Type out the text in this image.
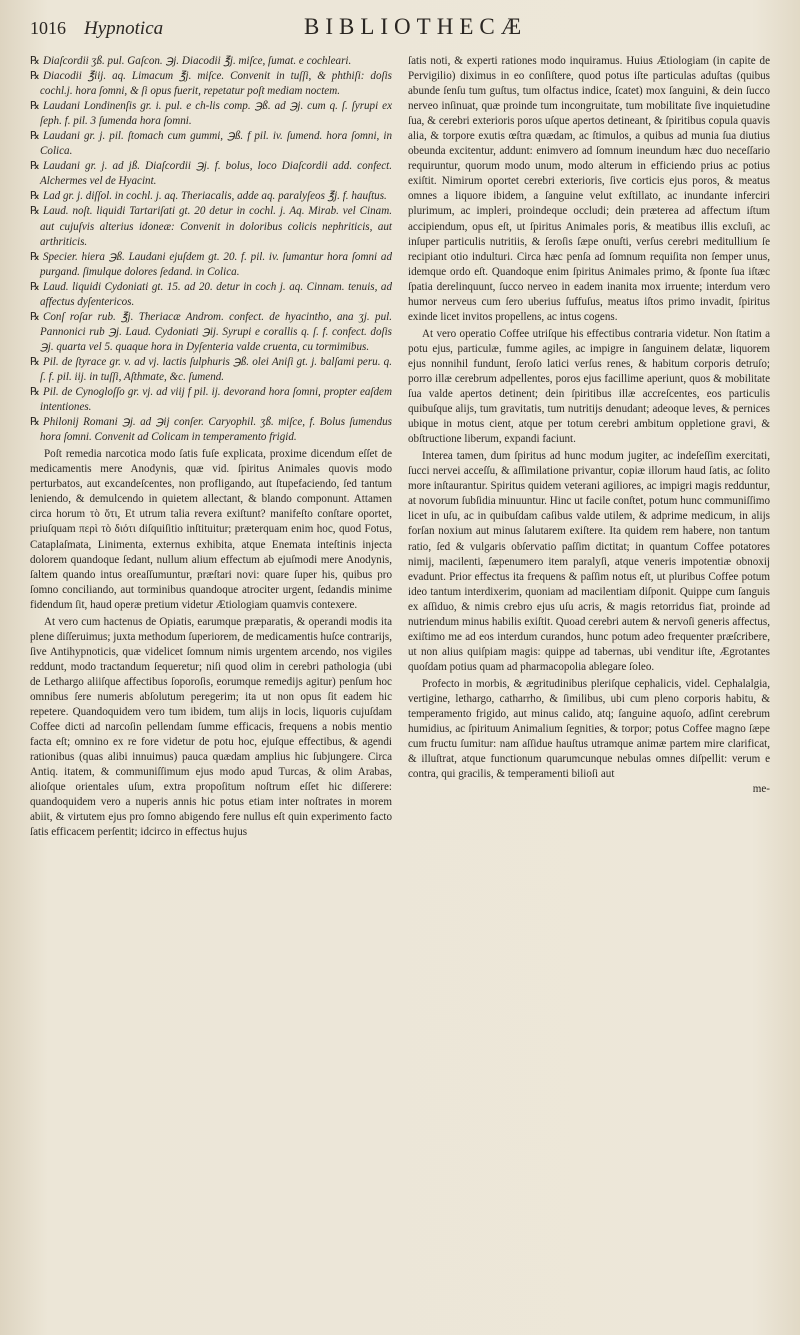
1016 Hypnotica	BIBLIOTHECÆ

℞ Diaſcordii ʒß. pul. Gaſcon. ℈j. Diacodii ℥j. miſce, ſumat. e cochleari.

℞ Diacodii ℥iij. aq. Limacum ℥j. miſce. Convenit in tuſſi, & phthiſi: doſis cochl.j. hora ſomni, & ſi opus fuerit, repetatur poſt mediam noctem.

℞ Laudani Londinenſis gr. i. pul. e ch-lis comp. ℈ß. ad ℈j. cum q. ſ. ſyrupi ex ſeph. f. pil. 3 ſumenda hora ſomni.

℞ Laudani gr. j. pil. ſtomach cum gummi, ℈ß. f pil. iv. ſumend. hora ſomni, in Colica.

℞ Laudani gr. j. ad jß. Diaſcordii ℈j. f. bolus, loco Diaſcordii add. confect. Alchermes vel de Hyacint.

℞ Lad gr. j. diſſol. in cochl. j. aq. Theriacalis, adde aq. paralyſeos ℥j. f. hauſtus.

℞ Laud. noſt. liquidi Tartariſati gt. 20 detur in cochl. j. Aq. Mirab. vel Cinam. aut cujuſvis alterius idoneæ: Convenit in doloribus colicis nephriticis, aut arthriticis.

℞ Specier. hiera ℈ß. Laudani ejuſdem gt. 20. f. pil. iv. ſumantur hora ſomni ad purgand. ſimulque dolores ſedand. in Colica.

℞ Laud. liquidi Cydoniati gt. 15. ad 20. detur in coch j. aq. Cinnam. tenuis, ad affectus dyſentericos.

℞ Conſ roſar rub. ℥j. Theriacæ Androm. confect. de hyacintho, ana ʒj. pul. Pannonici rub ℈j. Laud. Cydoniati ℈ij. Syrupi e corallis q. ſ. f. confect. doſis ℈j. quarta vel 5. quaque hora in Dyſenteria valde cruenta, cu tormimibus.

℞ Pil. de ſtyrace gr. v. ad vj. lactis ſulphuris ℈ß. olei Aniſi gt. j. balſami peru. q. ſ. f. pil. iij. in tuſſi, Aſthmate, &c. ſumend.

℞ Pil. de Cynogloſſo gr. vj. ad viij f pil. ij. devorand hora ſomni, propter eaſdem intentiones.

℞ Philonij Romani ℈j. ad ℈ij conſer. Caryophil. ʒß. miſce, f. Bolus ſumendus hora ſomni. Convenit ad Colicam in temperamento frigid.

Poſt remedia narcotica modo ſatis fuſe explicata, proxime dicendum eſſet de medicamentis mere Anodynis, quæ vid. ſpiritus Animales quovis modo perturbatos, aut excandeſcentes, non profligando, aut ſtupefaciendo, ſed tantum leniendo, & demulcendo in quietem allectant, & blando componunt. Attamen circa horum τὸ ὅτι, Et utrum talia revera exiſtunt? manifeſto conſtare oportet, priuſquam περὶ τὸ διότι diſquiſitio inſtituitur; præterquam enim hoc, quod Fotus, Cataplaſmata, Linimenta, externus exhibita, atque Enemata inteſtinis injecta dolorem quandoque ſedant, nullum alium effectum ab ejuſmodi mere Anodynis, ſaltem quando intus oreaſſumuntur, præſtari novi: quare ſuper his, quibus pro ſomno conciliando, aut torminibus quandoque atrociter urgent, ſedandis minime fidendum ſit, haud operæ pretium videtur Ætiologiam quamvis contexere.

At vero cum hactenus de Opiatis, earumque præparatis, & operandi modis ita plene diſſeruimus; juxta methodum ſuperiorem, de medicamentis huſce contrarijs, ſive Antihypnoticis, quæ videlicet ſomnum nimis urgentem arcendo, nos vigiles reddunt, modo tractandum ſequeretur; niſi quod olim in cerebri pathologia (ubi de Lethargo aliiſque affectibus ſoporoſis, eorumque remedijs agitur) penſum hoc omnibus ſere numeris abſolutum peregerim; ita ut non opus ſit eadem hic repetere. Quandoquidem vero tum ibidem, tum alijs in locis, liquoris cujuſdam Coffee dicti ad narcoſin pellendam ſumme efficacis, frequens a nobis mentio facta eſt; omnino ex re fore videtur de potu hoc, ejuſque effectibus, & agendi rationibus (quas alibi innuimus) pauca quædam amplius hic ſubjungere. Circa Antiq. itatem, & communiſſimum ejus modo apud Turcas, & olim Arabas, alioſque orientales uſum, extra propoſitum noſtrum eſſet hic diſſerere: quandoquidem vero a nuperis annis hic potus etiam inter noſtrates in morem abiit, & virtutem ejus pro ſomno abigendo fere nullus eſt quin experimento facto ſatis efficacem perſentit; idcirco in effectus hujus

ſatis noti, & experti rationes modo inquiramus. Huius Ætiologiam (in capite de Pervigilio) diximus in eo conſiſtere, quod potus iſte particulas aduſtas (quibus abunde ſenſu tum guſtus, tum olfactus indice, ſcatet) mox ſanguini, & dein ſucco nerveo inſinuat, quæ proinde tum incongruitate, tum mobilitate ſive inquietudine ſua, & cerebri exterioris poros uſque apertos detineant, & ſpiritibus copula quavis alia, & torpore exutis œſtra quædam, ac ſtimulos, a quibus ad munia ſua diutius obeunda excitentur, addunt: enimvero ad ſomnum ineundum hæc duo neceſſario requiruntur, quorum modo unum, modo alterum in efficiendo prius ac potius exiſtit. Nimirum oportet cerebri exterioris, ſive corticis ejus poros, & meatus omnes a liquore ibidem, a ſanguine velut exſtillato, ac inundante inferciri plurimum, ac impleri, proindeque occludi; dein præterea ad affectum iſtum accipiendum, opus eſt, ut ſpiritus Animales poris, & meatibus illis excluſi, ac inſuper particulis nutritiis, & ſeroſis ſæpe onuſti, verſus cerebri meditullium ſe recipiant otio indulturi. Circa hæc penſa ad ſomnum requiſita non ſemper unus, idemque ordo eſt. Quandoque enim ſpiritus Animales primo, & ſponte ſua iſtæc ſpatia derelinquunt, ſucco nerveo in eadem inanita mox irruente; interdum vero humor nerveus cum ſero uberius ſuffuſus, meatus iſtos primo invadit, ſpiritus exinde licet invitos propellens, ac intus cogens.

At vero operatio Coffee utriſque his effectibus contraria videtur. Non ſtatim a potu ejus, particulæ, fumme agiles, ac impigre in ſanguinem delatæ, liquorem ejus nonnihil fundunt, ſeroſo latici verſus renes, & habitum corporis detruſo; porro illæ cerebrum adpellentes, poros ejus facillime aperiunt, quos & mobilitate ſua valde apertos detinent; dein ſpiritibus illæ accreſcentes, eos particulis quibuſque alijs, tum gravitatis, tum nutritijs denudant; adeoque leves, & pernices ubique in motus cient, atque per totum cerebri ambitum oppletione gravi, & obſtructione liberum, expandi faciunt.

Interea tamen, dum ſpiritus ad hunc modum jugiter, ac indeſeſſim exercitati, ſucci nervei acceſſu, & aſſimilatione privantur, copiæ illorum haud ſatis, ac ſolito more inſtaurantur. Spiritus quidem veterani agiliores, ac impigri magis redduntur, at novorum ſubſidia minuuntur. Hinc ut facile conſtet, potum hunc communiſſimo licet in uſu, ac in quibuſdam caſibus valde utilem, & adprime medicum, in alijs forſan noxium aut minus ſalutarem exiſtere. Ita quidem rem habere, non tantum ratio, ſed & vulgaris obſervatio paſſim dictitat; in quantum Coffee potatores nimij, macilenti, ſæpenumero item paralyſi, atque veneris impotentiæ obnoxij evadunt. Prior effectus ita frequens & paſſim notus eſt, ut pluribus Coffee potum ideo tantum interdixerim, quoniam ad macilentiam diſponit. Quippe cum ſanguis ex aſſiduo, & nimis crebro ejus uſu acris, & magis retorridus fiat, proinde ad nutriendum minus habilis exiſtit. Quoad cerebri autem & nervoſi generis affectus, exiſtimo me ad eos interdum curandos, hunc potum adeo frequenter præſcribere, ut non alius quiſpiam magis: quippe ad tabernas, ubi venditur iſte, Ægrotantes quoſdam potius quam ad pharmacopolia ablegare ſoleo.

Profecto in morbis, & ægritudinibus pleriſque cephalicis, videl. Cephalalgia, vertigine, lethargo, catharrho, & ſimilibus, ubi cum pleno corporis habitu, & temperamento frigido, aut minus calido, atq; ſanguine aquoſo, adſint cerebrum humidius, ac ſpirituum Animalium ſegnities, & torpor; potus Coffee magno ſæpe cum fructu ſumitur: nam aſſidue hauſtus utramque animæ partem mire clarificat, & illuſtrat, atque functionum quarumcunque nebulas omnes diſpellit: verum e contra, qui gracilis, & temperamenti bilioſi aut

me-
